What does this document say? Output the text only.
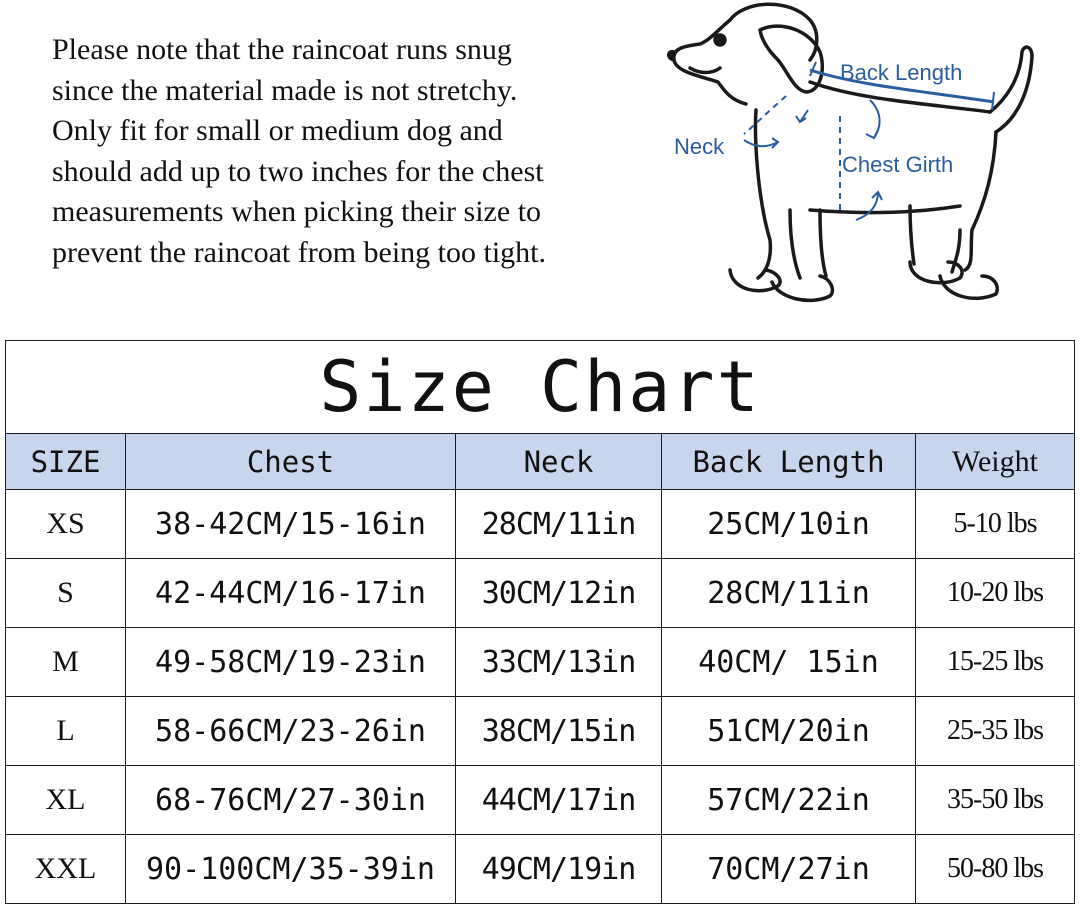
Please note that the raincoat runs snug
since the material made is not stretchy.
Only fit for small or medium dog and
should add up to two inches for the chest
measurements when picking their size to
prevent the raincoat from being too tight.
Back Length
Neck
Chest Girth
Size Chart				
SIZE	Chest	Neck	Back Length	Weight
XS	38-42CM/15-16in	28CM/11in	25CM/10in	5-10 lbs
S	42-44CM/16-17in	30CM/12in	28CM/11in	10-20 lbs
M	49-58CM/19-23in	33CM/13in	40CM/ 15in	15-25 lbs
L	58-66CM/23-26in	38CM/15in	51CM/20in	25-35 lbs
XL	68-76CM/27-30in	44CM/17in	57CM/22in	35-50 lbs
XXL	90-100CM/35-39in	49CM/19in	70CM/27in	50-80 lbs
